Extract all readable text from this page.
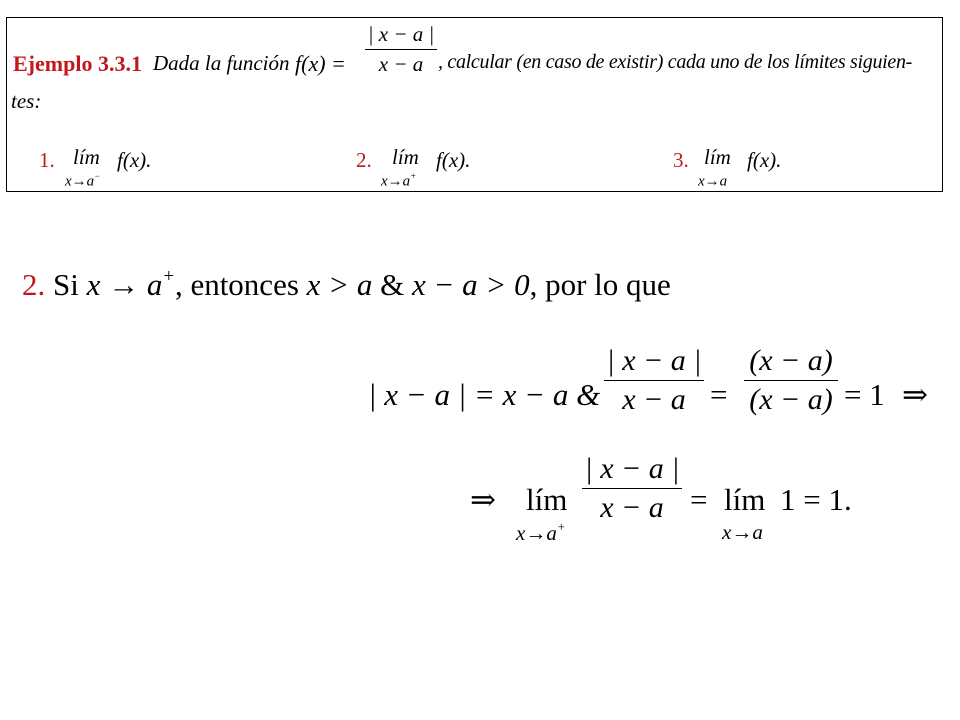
Ejemplo 3.3.1 Dada la función f(x) =
| x − a |
x − a , calcular (en caso de existir) cada uno de los límites siguien-
tes:
1. lím
x→a−
f(x).	2. lím
x→a+
f(x).	3. lím
x→a
f(x).
2. Si x → a+, entonces x > a & x − a > 0, por lo que
| x − a | = x − a &
| x − a |
x − a =
(x − a)
(x − a) = 1 ⇒
⇒ lím
x→a+
| x − a |
x − a = lím
x→a
1 = 1.
